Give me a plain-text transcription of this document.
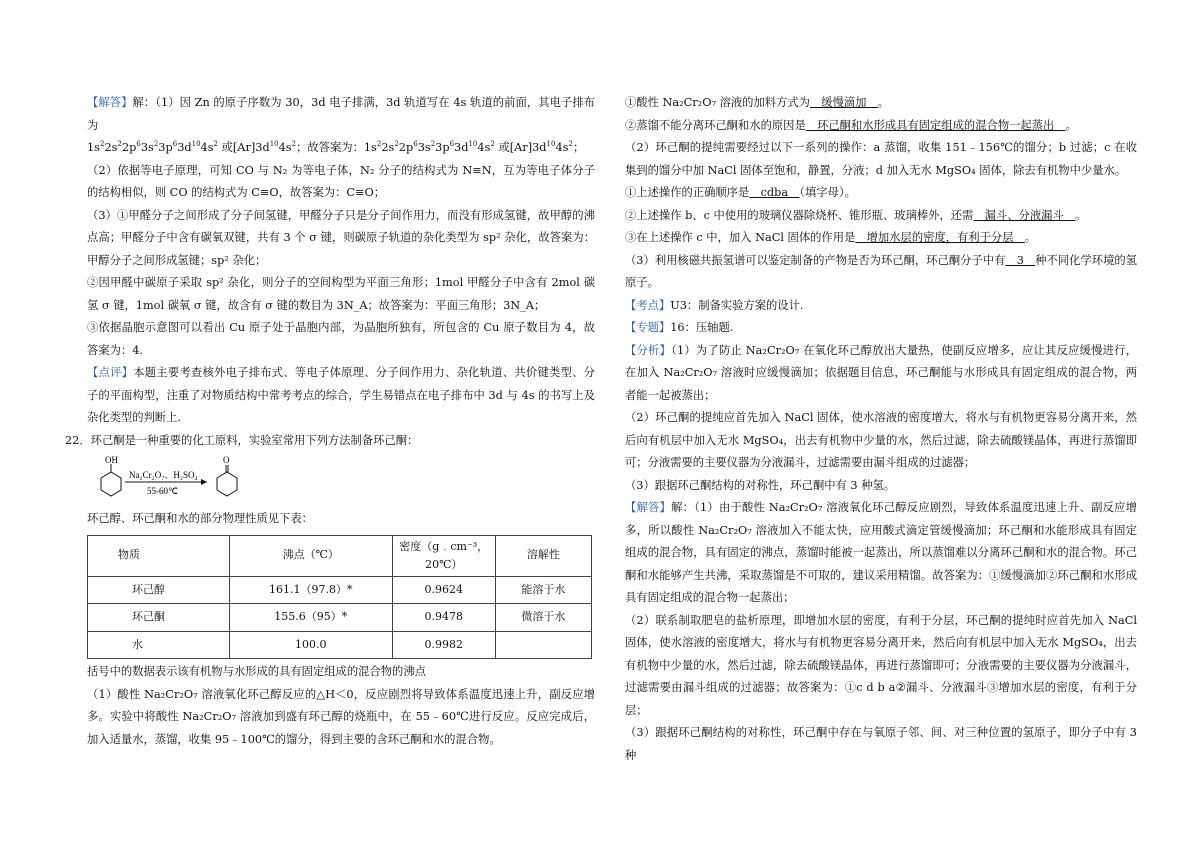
【解答】解：（1）因 Zn 的原子序数为 30，3d 电子排满，3d 轨道写在 4s 轨道的前面，其电子排布为

$1s^22s^22p^63s^23p^63d^{10}4s^2$ 或$[Ar]3d^{10}4s^2$；故答案为：$1s^22s^22p^63s^23p^63d^{10}4s^2$ 或$[Ar]3d^{10}4s^2$；

（2）依据等电子原理，可知 CO 与 N₂ 为等电子体，N₂ 分子的结构式为 N≡N，互为等电子体分子的结构相似，则 CO 的结构式为 C≡O，故答案为：C≡O；

（3）①甲醛分子之间形成了分子间氢键，甲醛分子只是分子间作用力，而没有形成氢键，故甲醇的沸点高；甲醛分子中含有碳氧双键，共有 3 个 σ 键，则碳原子轨道的杂化类型为 sp² 杂化，故答案为：甲醇分子之间形成氢键；sp² 杂化；

②因甲醛中碳原子采取 sp² 杂化，则分子的空间构型为平面三角形；1mol 甲醛分子中含有 2mol 碳氢 σ 键，1mol 碳氧 σ 键，故含有 σ 键的数目为 3N_A；故答案为：平面三角形；3N_A；

③依据晶胞示意图可以看出 Cu 原子处于晶胞内部，为晶胞所独有，所包含的 Cu 原子数目为 4，故答案为：4.

【点评】本题主要考查核外电子排布式、等电子体原理、分子间作用力、杂化轨道、共价键类型、分子的平面构型，注重了对物质结构中常考考点的综合，学生易错点在电子排布中 3d 与 4s 的书写上及杂化类型的判断上.

22．环己酮是一种重要的化工原料，实验室常用下列方法制备环己酮：

OH
Na₂Cr₂O₇、H₂SO₄
55-60℃
O

环己醇、环己酮和水的部分物理性质见下表：

物质	沸点（℃）	密度（g﹒cm⁻³，20℃）	溶解性
环己醇	161.1（97.8）*	0.9624	能溶于水
环己酮	155.6（95）*	0.9478	微溶于水
水	100.0	0.9982	

括号中的数据表示该有机物与水形成的具有固定组成的混合物的沸点

（1）酸性 Na₂Cr₂O₇ 溶液氧化环己醇反应的△H＜0，反应剧烈将导致体系温度迅速上升，副反应增多。实验中将酸性 Na₂Cr₂O₇ 溶液加到盛有环己醇的烧瓶中，在 55﹣60℃进行反应。反应完成后，加入适量水，蒸馏，收集 95﹣100℃的馏分，得到主要的含环己酮和水的混合物。

①酸性 Na₂Cr₂O₇ 溶液的加料方式为　缓慢滴加　。

②蒸馏不能分离环己酮和水的原因是　环己酮和水形成具有固定组成的混合物一起蒸出　。

（2）环己酮的提纯需要经过以下一系列的操作：a 蒸馏，收集 151﹣156℃的馏分；b 过滤；c 在收集到的馏分中加 NaCl 固体至饱和，静置，分液；d 加入无水 MgSO₄ 固体，除去有机物中少量水。

①上述操作的正确顺序是　cdba　（填字母）。

②上述操作 b、c 中使用的玻璃仪器除烧杯、锥形瓶、玻璃棒外，还需　漏斗、分液漏斗　。

③在上述操作 c 中，加入 NaCl 固体的作用是　增加水层的密度，有利于分层　。

（3）利用核磁共振氢谱可以鉴定制备的产物是否为环己酮，环己酮分子中有　3　种不同化学环境的氢原子。

【考点】U3：制备实验方案的设计.

【专题】16：压轴题.

【分析】（1）为了防止 Na₂Cr₂O₇ 在氧化环己醇放出大量热，使副反应增多，应让其反应缓慢进行，在加入 Na₂Cr₂O₇ 溶液时应缓慢滴加；依据题目信息，环己酮能与水形成具有固定组成的混合物，两者能一起被蒸出；

（2）环己酮的提纯应首先加入 NaCl 固体，使水溶液的密度增大，将水与有机物更容易分离开来，然后向有机层中加入无水 MgSO₄，出去有机物中少量的水，然后过滤，除去硫酸镁晶体，再进行蒸馏即可；分液需要的主要仪器为分液漏斗，过滤需要由漏斗组成的过滤器；

（3）跟据环己酮结构的对称性，环己酮中有 3 种氢。

【解答】解：（1）由于酸性 Na₂Cr₂O₇ 溶液氧化环己醇反应剧烈，导致体系温度迅速上升、副反应增多，所以酸性 Na₂Cr₂O₇ 溶液加入不能太快，应用酸式滴定管缓慢滴加；环己酮和水能形成具有固定组成的混合物，具有固定的沸点，蒸馏时能被一起蒸出，所以蒸馏难以分离环己酮和水的混合物。环己酮和水能够产生共沸，采取蒸馏是不可取的，建议采用精馏。故答案为：①缓慢滴加②环己酮和水形成具有固定组成的混合物一起蒸出；

（2）联系制取肥皂的盐析原理，即增加水层的密度，有利于分层，环己酮的提纯时应首先加入 NaCl 固体，使水溶液的密度增大，将水与有机物更容易分离开来，然后向有机层中加入无水 MgSO₄，出去有机物中少量的水，然后过滤，除去硫酸镁晶体，再进行蒸馏即可；分液需要的主要仪器为分液漏斗，过滤需要由漏斗组成的过滤器；故答案为：①c d b a②漏斗、分液漏斗③增加水层的密度，有利于分层；

（3）跟据环己酮结构的对称性，环己酮中存在与氧原子邻、间、对三种位置的氢原子，即分子中有 3 种
